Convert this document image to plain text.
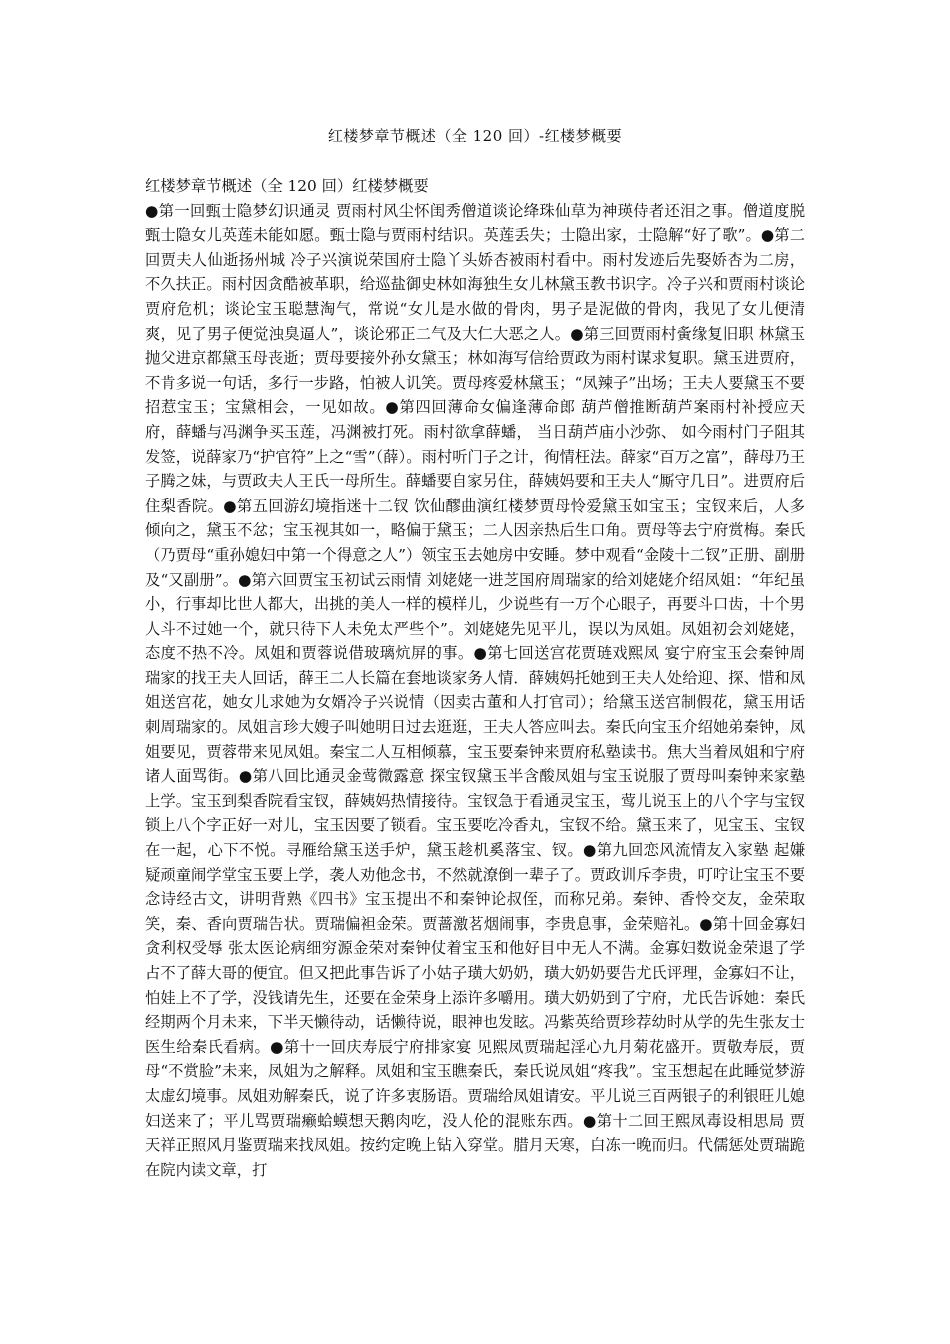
红楼梦章节概述（全 120 回）-红楼梦概要
红楼梦章节概述（全 120 回）红楼梦概要
●第一回甄士隐梦幻识通灵 贾雨村风尘怀闺秀僧道谈论绛珠仙草为神瑛侍者还泪之事。僧道度脱甄士隐女儿英莲未能如愿。甄士隐与贾雨村结识。英莲丢失；士隐出家，士隐解“好了歌”。●第二回贾夫人仙逝扬州城 冷子兴演说荣国府士隐丫头娇杏被雨村看中。雨村发迹后先娶娇杏为二房，不久扶正。雨村因贪酷被革职，给巡盐御史林如海独生女儿林黛玉教书识字。冷子兴和贾雨村谈论贾府危机；谈论宝玉聪慧淘气，常说“女儿是水做的骨肉，男子是泥做的骨肉，我见了女儿便清爽，见了男子便觉浊臭逼人”，谈论邪正二气及大仁大恶之人。●第三回贾雨村夤缘复旧职 林黛玉抛父进京都黛玉母丧逝；贾母要接外孙女黛玉；林如海写信给贾政为雨村谋求复职。黛玉进贾府，不肯多说一句话，多行一步路，怕被人讥笑。贾母疼爱林黛玉；“凤辣子”出场；王夫人要黛玉不要招惹宝玉；宝黛相会，一见如故。●第四回薄命女偏逢薄命郎 葫芦僧推断葫芦案雨村补授应天府，薛蟠与冯渊争买玉莲，冯渊被打死。雨村欲拿薛蟠， 当日葫芦庙小沙弥、 如今雨村门子阻其发签，说薛家乃“护官符”上之“雪”（薛）。雨村听门子之计，徇情枉法。薛家“百万之富”，薛母乃王子腾之妹，与贾政夫人王氏一母所生。薛蟠要自家另住，薛姨妈要和王夫人“厮守几日”。进贾府后住梨香院。●第五回游幻境指迷十二钗 饮仙醪曲演红楼梦贾母怜爱黛玉如宝玉；宝钗来后，人多倾向之，黛玉不忿；宝玉视其如一，略偏于黛玉；二人因亲热后生口角。贾母等去宁府赏梅。秦氏（乃贾母“重孙媳妇中第一个得意之人”）领宝玉去她房中安睡。梦中观看“金陵十二钗”正册、副册及“又副册”。●第六回贾宝玉初试云雨情 刘姥姥一进芝国府周瑞家的给刘姥姥介绍凤姐：“年纪虽小，行事却比世人都大，出挑的美人一样的模样儿，少说些有一万个心眼子，再要斗口齿，十个男人斗不过她一个，就只待下人未免太严些个”。刘姥姥先见平儿，误以为凤姐。凤姐初会刘姥姥，态度不热不冷。凤姐和贾蓉说借玻璃炕屏的事。●第七回送宫花贾琏戏熙凤 宴宁府宝玉会秦钟周瑞家的找王夫人回话，薛王二人长篇在套地谈家务人情．薛姨妈托她到王夫人处给迎、探、惜和凤姐送宫花，她女儿求她为女婿冷子兴说情（因卖古董和人打官司）；给黛玉送宫制假花，黛玉用话刺周瑞家的。凤姐言珍大嫂子叫她明日过去逛逛，王夫人答应叫去。秦氏向宝玉介绍她弟秦钟，凤姐要见，贾蓉带来见凤姐。秦宝二人互相倾慕，宝玉要秦钟来贾府私塾读书。焦大当着凤姐和宁府诸人面骂街。●第八回比通灵金莺微露意 探宝钗黛玉半含酸凤姐与宝玉说服了贾母叫秦钟来家塾上学。宝玉到梨香院看宝钗，薛姨妈热情接待。宝钗急于看通灵宝玉，莺儿说玉上的八个字与宝钗锁上八个字正好一对儿，宝玉因要了锁看。宝玉要吃冷香丸，宝钗不给。黛玉来了，见宝玉、宝钗在一起，心下不悦。寻雁给黛玉送手炉，黛玉趁机奚落宝、钗。●第九回恋风流情友入家塾 起嫌疑顽童闹学堂宝玉要上学，袭人劝他念书，不然就潦倒一辈子了。贾政训斥李贵，叮咛让宝玉不要念诗经古文，讲明背熟《四书》宝玉提出不和秦钟论叔侄，而称兄弟。秦钟、香怜交友，金荣取笑，秦、香向贾瑞告状。贾瑞偏袒金荣。贾蔷激茗烟闹事，李贵息事，金荣赔礼。●第十回金寡妇贪利权受辱 张太医论病细穷源金荣对秦钟仗着宝玉和他好目中无人不满。金寡妇数说金荣退了学占不了薛大哥的便宜。但又把此事告诉了小姑子璜大奶奶，璜大奶奶要告尤氏评理，金寡妇不让，怕娃上不了学，没钱请先生，还要在金荣身上添许多嚼用。璜大奶奶到了宁府，尤氏告诉她：秦氏经期两个月未来，下半天懒待动，话懒待说，眼神也发眩。冯紫英给贾珍荐幼时从学的先生张友士医生给秦氏看病。●第十一回庆寿辰宁府排家宴 见熙凤贾瑞起淫心九月菊花盛开。贾敬寿辰，贾母“不赏脸”未来，凤姐为之解释。凤姐和宝玉瞧秦氏，秦氏说凤姐“疼我”。宝玉想起在此睡觉梦游太虚幻境事。凤姐劝解秦氏，说了许多衷肠语。贾瑞给凤姐请安。平儿说三百两银子的利银旺儿媳妇送来了；平儿骂贾瑞癞蛤蟆想天鹅肉吃，没人伦的混账东西。●第十二回王熙凤毒设相思局 贾天祥正照风月鉴贾瑞来找凤姐。按约定晚上钻入穿堂。腊月天寒，白冻一晚而归。代儒惩处贾瑞跪在院内读文章，打
